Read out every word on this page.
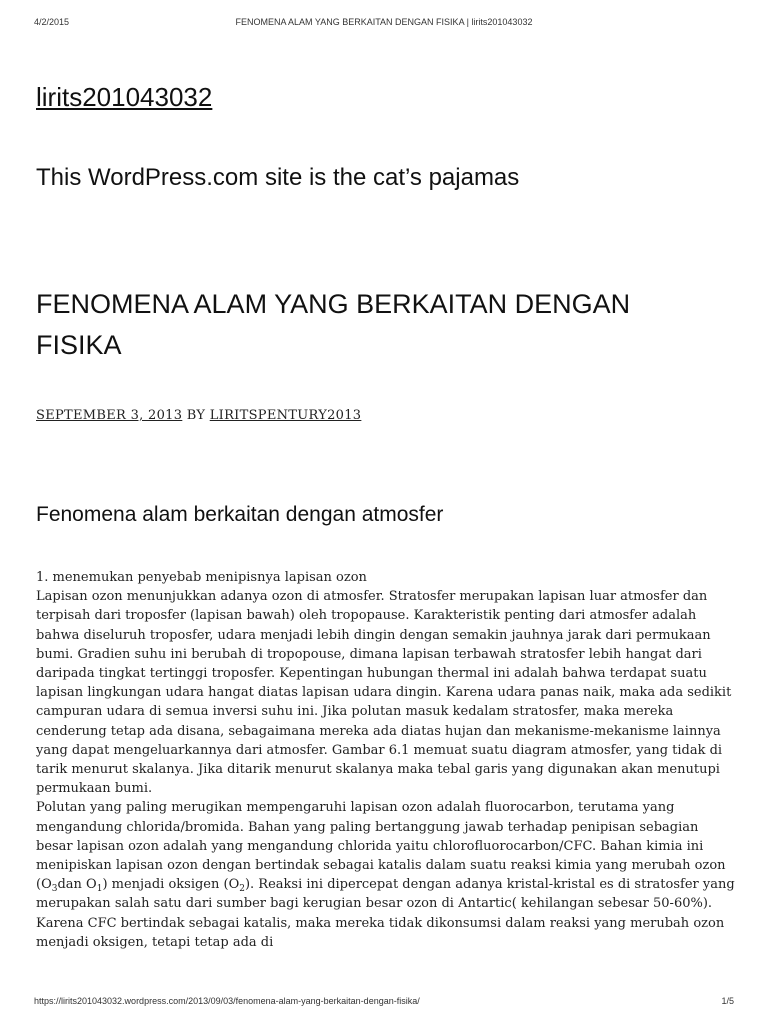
4/2/2015	FENOMENA ALAM YANG BERKAITAN DENGAN FISIKA | lirits201043032
lirits201043032
This WordPress.com site is the cat’s pajamas
FENOMENA ALAM YANG BERKAITAN DENGAN FISIKA
SEPTEMBER 3, 2013 BY LIRITSPENTURY2013
Fenomena alam berkaitan dengan atmosfer

1. menemukan penyebab menipisnya lapisan ozon

Lapisan ozon menunjukkan adanya ozon di atmosfer. Stratosfer merupakan lapisan luar atmosfer dan terpisah dari troposfer (lapisan bawah) oleh tropopause. Karakteristik penting dari atmosfer adalah bahwa diseluruh troposfer, udara menjadi lebih dingin dengan semakin jauhnya jarak dari permukaan bumi. Gradien suhu ini berubah di tropopouse, dimana lapisan terbawah stratosfer lebih hangat dari daripada tingkat tertinggi troposfer. Kepentingan hubungan thermal ini adalah bahwa terdapat suatu lapisan lingkungan udara hangat diatas lapisan udara dingin. Karena udara panas naik, maka ada sedikit campuran udara di semua inversi suhu ini. Jika polutan masuk kedalam stratosfer, maka mereka cenderung tetap ada disana, sebagaimana mereka ada diatas hujan dan mekanisme-mekanisme lainnya yang dapat mengeluarkannya dari atmosfer. Gambar 6.1 memuat suatu diagram atmosfer, yang tidak di tarik menurut skalanya. Jika ditarik menurut skalanya maka tebal garis yang digunakan akan menutupi permukaan bumi.

Polutan yang paling merugikan mempengaruhi lapisan ozon adalah fluorocarbon, terutama yang mengandung chlorida/bromida. Bahan yang paling bertanggung jawab terhadap penipisan sebagian besar lapisan ozon adalah yang mengandung chlorida yaitu chlorofluorocarbon/CFC. Bahan kimia ini menipiskan lapisan ozon dengan bertindak sebagai katalis dalam suatu reaksi kimia yang merubah ozon ($O_3dan$ $O_1$) menjadi oksigen $(O_2)$. Reaksi ini dipercepat dengan adanya kristal-kristal es di stratosfer yang merupakan salah satu dari sumber bagi kerugian besar ozon di Antartic( kehilangan sebesar 50-60%). Karena CFC bertindak sebagai katalis, maka mereka tidak dikonsumsi dalam reaksi yang merubah ozon menjadi oksigen, tetapi tetap ada di

https://lirits201043032.wordpress.com/2013/09/03/fenomena-alam-yang-berkaitan-dengan-fisika/	1/5
